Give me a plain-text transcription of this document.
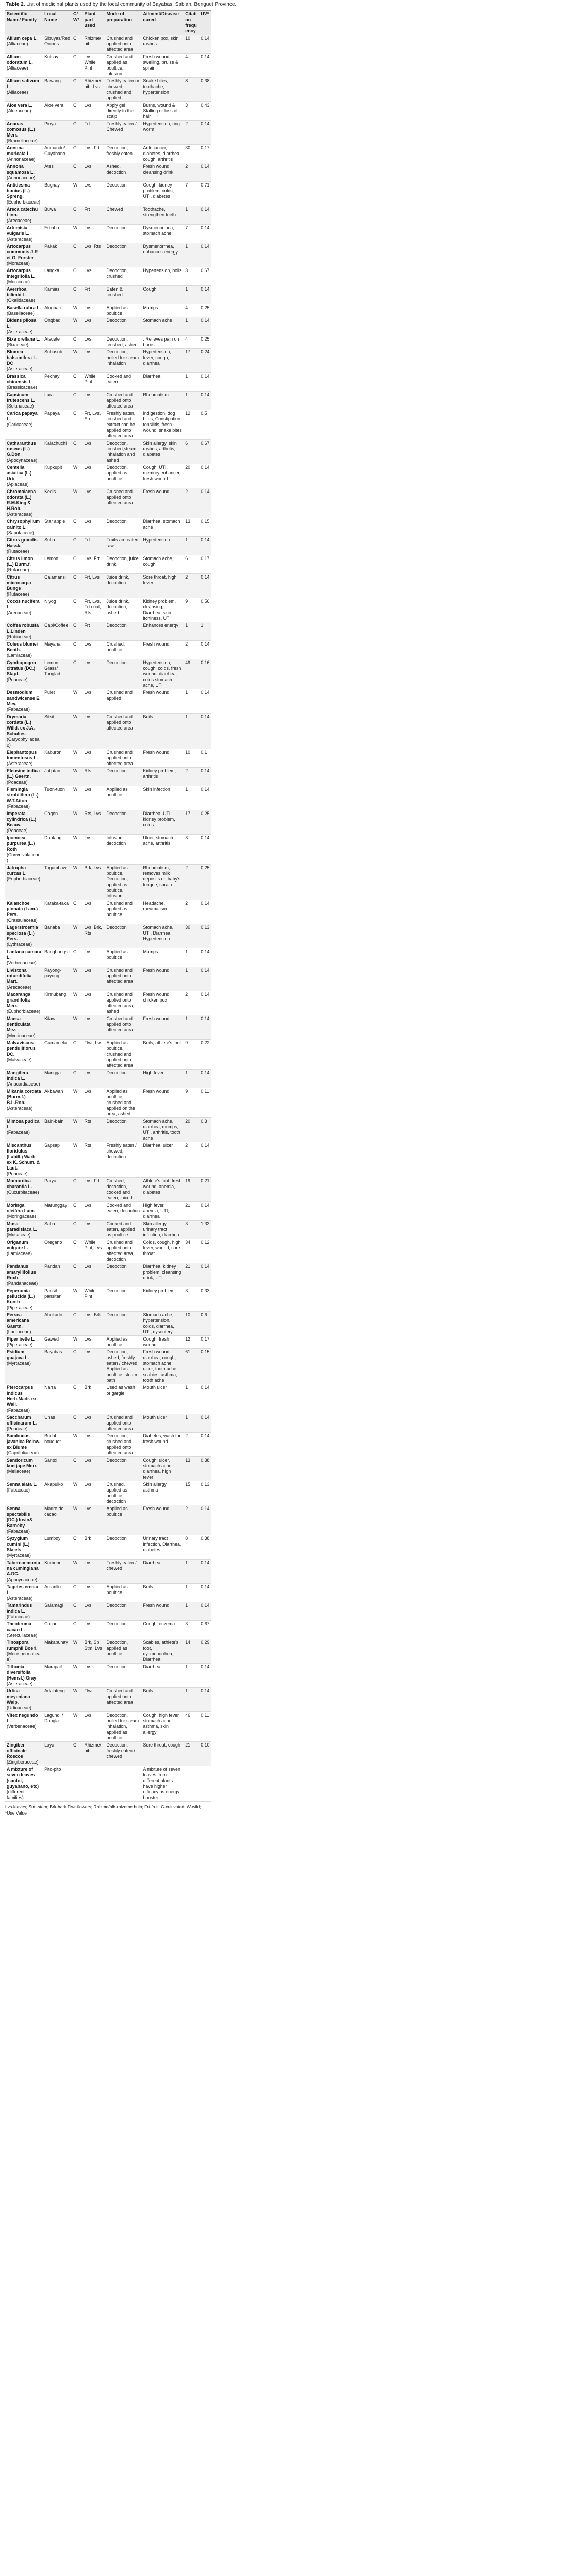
Table 2. List of medicinal plants used by the local community of Bayabas, Sablan, Benguet Province.
Scientific Name/ Family	Local Name	C/W*	Plant part used	Mode of preparation	Ailment/Disease cured	Citation frequency	UV*
Allium cepa L.
(Alliaceae)	Sibuyas/Red Onions	C	Rhizme/bib	Crushed and applied onto affected area	Chicken pox, skin rashes	10	0.14
Allium odoratum L.
(Alliaceae)	Kutsay	C	Lvs, While Plnt	Crushed and applied as poultice, infusion	Fresh wound, swelling, bruise & sprain	4	0.14
Allium sativum L.
(Alliaceae)	Bawang	C	Rhizme/bib, Lvs	Freshly eaten or chewed, crushed and applied	Snake bites, toothache, hypertension	8	0.38
Aloe vera L.
(Aloeaceae)	Aloe vera	C	Lvs	Apply gel directly to the scalp	Burns, wound & Stalling or loss of hair	3	0.43
Ananas comosus (L.) Merr.
(Bromeliaceae)	Pinya	C	Frt	Freshly eaten / Chewed	Hypertension, ring-worm	2	0.14
Annona muricata L.
(Annonaceae)	Arimando/ Guyabano	C	Lvs, Frt	Decoction, freshly eaten	Anti-cancer, diabetes, diarrhea, cough, arthritis	30	0.17
Annona squamosa L.
(Annonaceae)	Ates	C	Lvs	Ashed, decoction	Fresh wound, cleansing drink	2	0.14
Antidesma bunius (L.) Spreng.
(Euphorbiaceae)	Bugnay	W	Lvs	Decoction	Cough, kidney problem, colds, UTI, diabetes	7	0.71
Areca catechu Linn.
(Arecaceae)	Buwa	C	Frt	Chewed	Toothache, strengthen teeth	1	0.14
Artemisia vulgaris L.
(Asteraceae)	Erbaba	W	Lvs	Decoction	Dysmenorrhea, stomach ache	7	0.14
Artocarpus communis J.R et G. Forster
(Moraceae)	Pakak	C	Lvs, Rts	Decoction	Dysmenorrhea, enhances energy	1	0.14
Artocarpus integrifolia L.
(Moraceae)	Langka	C	Lvs	Decoction, crushed	Hypertension, boils	3	0.67
Averrhoa bilimbi L.
(Oxalidaceae)	Kamias	C	Frt	Eaten & crushed	Cough	1	0.14
Basella rubra L.
(Basellaceae)	Alugbati	W	Lvs	Applied as poultice	Mumps	4	0.25
Bidens pilosa L.
(Asteraceae)	Ongbad	W	Lvs	Decoction	Stomach ache	1	0.14
Bixa orellana L.
(Bixaceae)	Atsuete	C	Lvs	Decoction, crushed, ashed	. Relieves pain on burns	4	0.25
Blumea balsamifera L. DC
(Asteraceae)	Subusob	W	Lvs	Decoction, boiled for steam inhalation	Hypertension, fever, cough, diarrhea	17	0.24
Brassica chinensis L.
(Brassicaceae)	Pechay	C	While Plnt	Cooked and eaten	Diarrhea	1	0.14
Capsicum frutescens L.
(Solanaceae)	Lara	C	Lvs	Crushed and applied onto affected area	Rheumatism	1	0.14
Carica papaya L.
(Caricaceae)	Papaya	C	Frt, Lvs, Sp	Freshly eaten, crushed and extract can be applied onto affected area	Indigestion, dog bites, Constipation, tonsilitis, fresh wound, snake bites	12	0.5
Catharanthus roseus (L.) G.Don
(Apocynaceae)	Kalachuchi	C	Lvs	Decoction, crushed,steam inhalation and ashed	Skin allergy, skin rashes, arthritis, diabetes	6	0.67
Centella asiatica (L.) Urb.
(Apiaceae)	Kupkupit	W	Lvs	Decoction, applied as poultice	Cough, UTI, memory enhancer, fresh wound	20	0.14
Chromolaena odorata (L.) R.M.King & H.Rob.
(Asteraceae)	Kedis	W	Lvs	Crushed and applied onto affected area	Fresh wound	2	0.14
Chrysophyllum cainito L.
(Sapotaceae)	Star apple	C	Lvs	Decoction	Diarrhea, stomach ache	13	0.15
Citrus grandis Hassk.
(Rutaceae)	Suha	C	Frt	Fruits are eaten raw	Hypertension	1	0.14
Citrus limon (L.) Burm.f.
(Rutaceae)	Lemon	C	Lvs, Frt	Decoction, juice drink	Stomach ache, cough	6	0.17
Citrus microcarpa Bunge
(Rutaceae)	Calamansi	C	Frt, Lvs	Juice drink, decoction	Sore throat, high fever	2	0.14
Cocos nucifera L.
(Arecaceae)	Niyog	C	Frt, Lvs, Frt coat, Rts	Juice drink, decoction, ashed	Kidney problem, cleansing, Diarrhea, skin itchiness, UTI	9	0.56
Coffea robusta L.Linden
(Rubiaceae)	Capi/Coffee	C	Frt	Decoction	Enhances energy	1	1
Coleus blumei Benth.
(Lamiaceae)	Mayana	C	Lvs	Crushed, poultice	Fresh wound	2	0.14
Cymbopogon citratus (DC.) Stapf.
(Poaceae)	Lemon Grass/ Tanglad	C	Lvs	Decoction	Hypertension, cough, colds, fresh wound, diarrhea, colds stomach ache, UTI	49	0.16
Desmodium sandwicense E. Mey.
(Fabaceae)	Pulet	W	Lvs	Crushed and applied	Fresh wound	1	0.14
Drymaria cordata (L.) Willd. ex J.A. Schultes
(Caryophyllaceae)	Sitsit	W	Lvs	Crushed and applied onto affected area	Boils	1	0.14
Elephantopus tomentosus L.
(Asteraceae)	Kaburon	W	Lvs	Crushed and applied onto affected area	Fresh wound	10	0.1
Eleusine indica (L.) Gaertn.
(Poaceae)	Jatjatan	W	Rts	Decoction	Kidney problem, arthritis	2	0.14
Flemingia strobilifera (L.) W.T.Aiton
(Fabaceae)	Tuon-tuon	W	Lvs	Applied as poultice	Skin infection	1	0.14
Imperata cylindrica (L.) Beauv.
(Poaceae)	Cogon	W	Rts, Lvs	Decoction	Diarrhea, UTI, kidney problem, colds	17	0.25
Ipomoea purpurea (L.) Roth
(Convolvulaceae)	Daptang	W	Lvs	Infusion, decoction	Ulcer, stomach ache, arthritis	3	0.14
Jatropha curcas L.
(Euphorbiaceae)	Tagumbaw	W	Brk, Lvs	Applied as poultice, Decoction, applied as poultice, Infusion	Rheumatism, removes milk deposits on baby's tongue, sprain	2	0.25
Kalanchoe pinnata (Lam.) Pers.
(Crassulaceae)	Kataka-taka	C	Lvs	Crushed and applied as poultice	Headache, rheumatism	2	0.14
Lagerstroemia speciosa (L.) Pers.
(Lythraceae)	Banaba	W	Lvs, Brk, Rts	Decoction	Stomach ache, UTI, Diarrhea, Hypertension	30	0.13
Lantana camara L.
(Verbenaceae)	Bangbangsit	C	Lvs	Applied as poultice	Mumps	1	0.14
Livistona rotundifolia Mart.
(Arecaceae)	Payong-payong	W	Lvs	Crushed and applied onto affected area	Fresh wound	1	0.14
Macaranga grandifolia Merr.
(Euphorbiaceae)	Kinnubang	W	Lvs	Crushed and applied onto affected area, ashed	Fresh wound, chicken pox	2	0.14
Maesa denticulata Mez.
(Myrsinaceae)	Kilaw	W	Lvs	Crushed and applied onto affected area	Fresh wound	1	0.14
Malvaviscus penduliflorus DC.
(Malvaceae)	Gumamela	C	Flwr, Lvs	Applied as poultice, crushed and applied onto affected area	Boils, athlete's foot	9	0.22
Mangifera indica L.
(Anacardiaceae)	Mangga	C	Lvs	Decoction	High fever	1	0.14
Mikania cordata (Burm.f.) B.L.Rob.
(Asteraceae)	Akbawan	W	Lvs	Applied as poultice, crushed and applied on the area, ashed	Fresh wound	9	0.11
Mimosa pudica L.
(Fabaceae)	Bain-bain	W	Rts	Decoction	Stomach ache, diarrhea, mumps, UTI, arthritis, tooth ache	20	0.3
Miscanthus floridulus (Labill.) Warb. ex K. Schum. & Laut.
(Poaceae)	Sapsap	W	Rts	Freshly eaten / chewed, decoction	Diarrhea, ulcer	2	0.14
Momordica charantia L.
(Cucurbitaceae)	Parya	C	Lvs, Frt	Crushed, decoction, cooked and eaten, juiced	Athlete's foot, fresh wound, anemia, diabetes	19	0.21
Moringa oleifera Lam.
(Moringaceae)	Marunggay	C	Lvs	Cooked and eaten, decoction	High fever, anemia, UTI, diarrhea	21	0.14
Musa paradisiaca L.
(Musaceae)	Saba	C	Lvs	Cooked and eaten, applied as poultice	Skin allergy, urinary tract infection, diarrhea	3	1.33
Origanum vulgare L.
(Lamiaceae)	Oregano	C	While Plnt, Lvs	Crushed and applied onto affected area, decoction	Colds, cough, high fever, wound, sore throat	34	0.12
Pandanus amaryllifolius Roxb.
(Pandanaceae)	Pandan	C	Lvs	Decoction	Diarrhea, kidney problem, cleansing drink, UTI	21	0.14
Peperomia pellucida (L.) Kunth
(Piperaceae)	Pansit-pansitan	W	While Plnt	Decoction	Kidney problem	3	0.33
Persea americana Gaertn.
(Lauraceae)	Abokado	C	Lvs, Brk	Decoction	Stomach ache, hypertension, colds, diarrhea, UTI, dysentery	10	0.6
Piper betle L.
(Piperaceae)	Gawed	W	Lvs	Applied as poultice	Cough, fresh wound	12	0.17
Psidium guajava L.
(Myrtaceae)	Bayabas	C	Lvs	Decoction, ashed, freshly eaten / chewed, Applied as poultice, steam bath	Fresh wound, diarrhea, cough, stomach ache, ulcer, tooth ache, scabies, asthma, tooth ache	61	0.15
Pterocarpus indicus Herb.Madr. ex Wall.
(Fabaceae)	Narra	C	Brk	Used as wash or gargle	Mouth ulcer	1	0.14
Saccharum officinarum L.
(Poaceae)	Unas	C	Lvs	Crushed and applied onto affected area	Mouth ulcer	1	0.14
Sambucus javanica Reinw. ex Blume
(Caprifoliaceae)	Bridal bouquet	W	Lvs	Decoction, crushed and applied onto affected area	Diabetes, wash for fresh wound	2	0.14
Sandoricum koetjape Merr.
(Meliaceae)	Santol	C	Lvs	Decoction	Cough, ulcer, stomach ache, diarrhea, high fever	13	0.38
Senna alata L.
(Fabaceae)	Akapulko	W	Lvs	Crushed, applied as poultice, decoction	Skin allergy, asthma	15	0.13
Senna spectabilis (DC.) Irwin& Barneby
(Fabaceae)	Madre de cacao	W	Lvs	Applied as poultice	Fresh wound	2	0.14
Syzygium cumini (L.) Skeels
(Myrtaceae)	Lumboy	C	Brk	Decoction	Urinary tract infection, Diarrhea, diabetes	8	0.38
Tabernaemontana cumingiana A.DC.
(Apocynaceae)	Kurbebet	W	Lvs	Freshly eaten / chewed	Diarrhea	1	0.14
Tagetes erecta L.
(Asteraceae)	Amarillo	C	Lvs	Applied as poultice	Boils	1	0.14
Tamarindus indica L.
(Fabaceae)	Salamagi	C	Lvs	Decoction	Fresh wound	1	0.14
Theobroma cacao L.
(Sterculiaceae)	Cacao	C	Lvs	Decoction	Cough, eczema	3	0.67
Tinospora rumphii Boerl.
(Menispermaceae)	Makabuhay	W	Brk, Sp, Stm, Lvs	Decoction, applied as poultice	Scabies, athlete's foot, dysmenorrhea, Diarrhea	14	0.29
Tithonia diversifolia (Hemsl.) Gray
(Asteraceae)	Marapait	W	Lvs	Decoction	Diarrhea	1	0.14
Urtica meyeniana Walp.
(Urticaceae)	Adalateng	W	Flwr	Crushed and applied onto affected area	Boils	1	0.14
Vitex negundo L.
(Verbenaceae)	Lagundi / Dangla	W	Lvs	Decoction, boiled for steam inhalation, applied as poultice	Cough, high fever, stomach ache, asthma, skin allergy	46	0.11
Zingiber officinale Roscoe
(Zingiberaceae)	Laya	C	Rhizme/bib	Decoction, freshly eaten / chewed	Sore throat, cough	21	0.10
A mixture of seven leaves (santol, guyabano, etc)
(different families)	Pito-pito				A mixture of seven leaves from different plants have higher efficacy as energy booster		
Lvs-leaves; Stm-stem; Brk-bark;Flwr-flowers; Rhizme/blb-rhizome bulb; Frt-fruit; C-cultivated; W-wild; *Use Value
